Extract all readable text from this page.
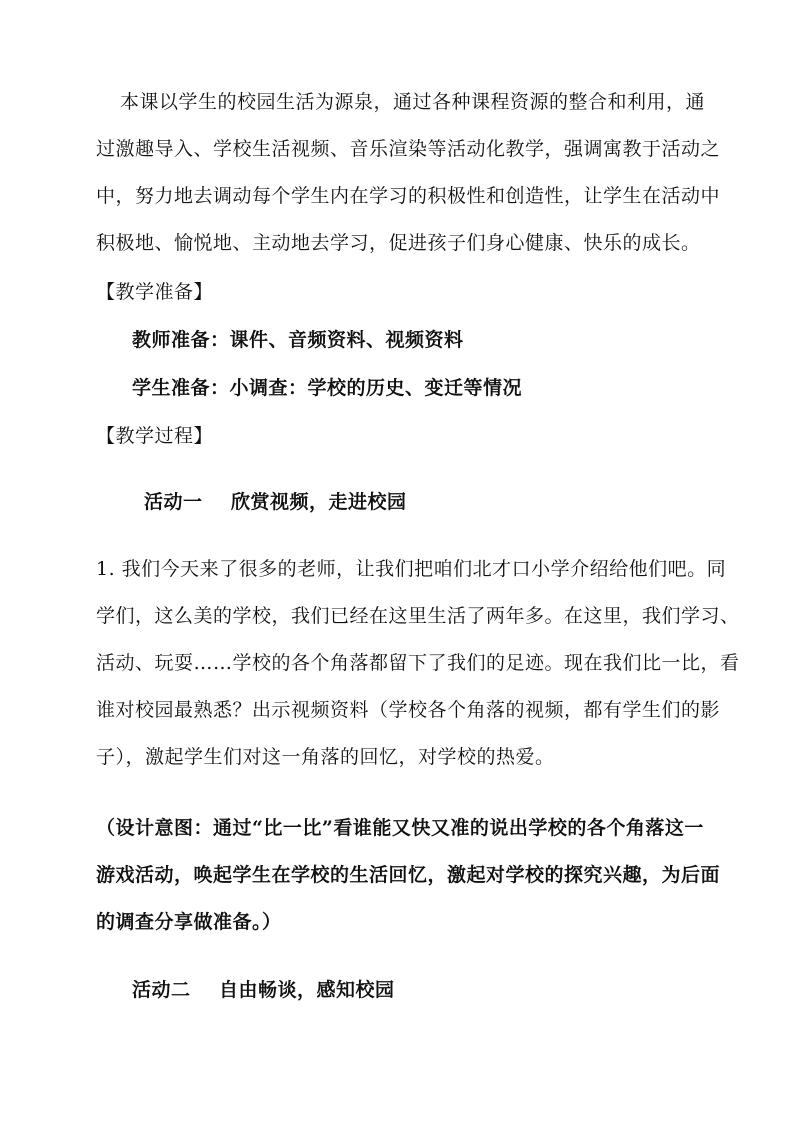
本课以学生的校园生活为源泉，通过各种课程资源的整合和利用，通
过激趣导入、学校生活视频、音乐渲染等活动化教学，强调寓教于活动之
中，努力地去调动每个学生内在学习的积极性和创造性，让学生在活动中
积极地、愉悦地、主动地去学习，促进孩子们身心健康、快乐的成长。
【教学准备】
教师准备：课件、音频资料、视频资料
学生准备：小调查：学校的历史、变迁等情况
【教学过程】
活动一    欣赏视频，走进校园
1. 我们今天来了很多的老师，让我们把咱们北才口小学介绍给他们吧。同
学们，这么美的学校，我们已经在这里生活了两年多。在这里，我们学习、
活动、玩耍……学校的各个角落都留下了我们的足迹。现在我们比一比，看
谁对校园最熟悉？出示视频资料（学校各个角落的视频，都有学生们的影
子），激起学生们对这一角落的回忆，对学校的热爱。
（设计意图：通过“比一比”看谁能又快又准的说出学校的各个角落这一
游戏活动，唤起学生在学校的生活回忆，激起对学校的探究兴趣，为后面
的调查分享做准备。）
活动二    自由畅谈，感知校园
